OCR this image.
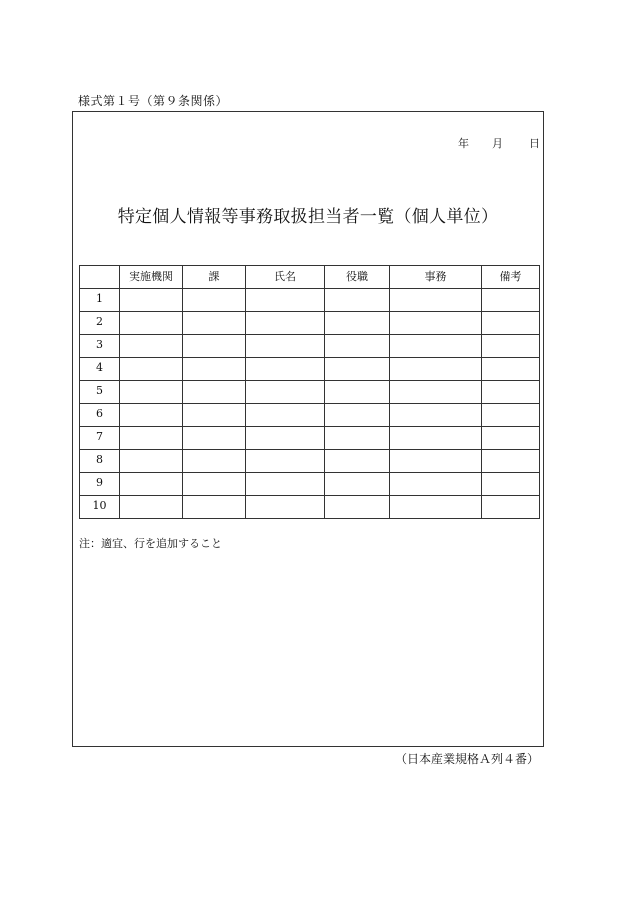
様式第１号（第９条関係）
年 月 日
特定個人情報等事務取扱担当者一覧（個人単位）
	実施機関	課	氏名	役職	事務	備考
1						
2						
3						
4						
5						
6						
7						
8						
9						
10						
注：適宜、行を追加すること
（日本産業規格Ａ列４番）
